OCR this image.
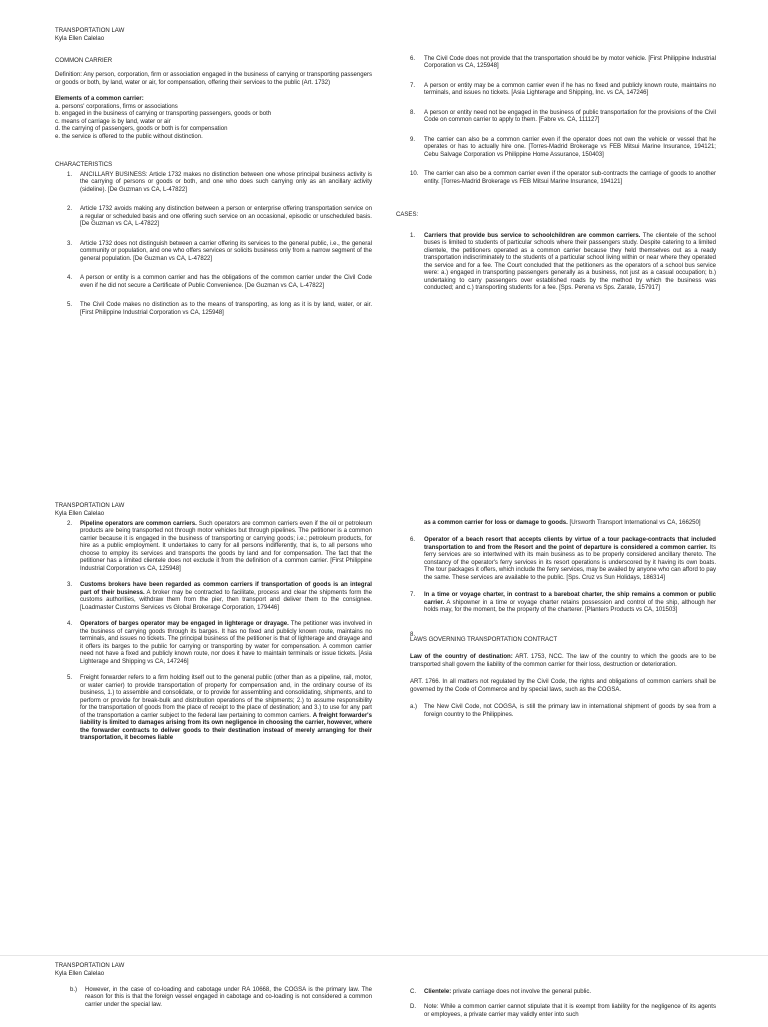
TRANSPORTATION LAW
Kyla Ellen Calelao

COMMON CARRIER

Definition: Any person, corporation, firm or association engaged in the business of carrying or transporting passengers or goods or both, by land, water or air, for compensation, offering their services to the public (Art. 1732)

Elements of a common carrier:

a. persons' corporations, firms or associations
b. engaged in the business of carrying or transporting passengers, goods or both
c. means of carriage is by land, water or air
d. the carrying of passengers, goods or both is for compensation
e. the service is offered to the public without distinction.

CHARACTERISTICS

1. ANCILLARY BUSINESS: Article 1732 makes no distinction between one whose principal business activity is the carrying of persons or goods or both, and one who does such carrying only as an ancillary activity (sideline). [De Guzman vs CA, L-47822]
2. Article 1732 avoids making any distinction between a person or enterprise offering transportation service on a regular or scheduled basis and one offering such service on an occasional, episodic or unscheduled basis. [De Guzman vs CA, L-47822]
3. Article 1732 does not distinguish between a carrier offering its services to the general public, i.e., the general community or population, and one who offers services or solicits business only from a narrow segment of the general population. [De Guzman vs CA, L-47822]
4. A person or entity is a common carrier and has the obligations of the common carrier under the Civil Code even if he did not secure a Certificate of Public Convenience. [De Guzman vs CA, L-47822]
5. The Civil Code makes no distinction as to the means of transporting, as long as it is by land, water, or air. [First Philippine Industrial Corporation vs CA, 125948]
6. The Civil Code does not provide that the transportation should be by motor vehicle. [First Philippine Industrial Corporation vs CA, 125948]
7. A person or entity may be a common carrier even if he has no fixed and publicly known route, maintains no terminals, and issues no tickets. [Asia Lighterage and Shipping, Inc. vs CA, 147246]
8. A person or entity need not be engaged in the business of public transportation for the provisions of the Civil Code on common carrier to apply to them. [Fabre vs. CA, 111127]
9. The carrier can also be a common carrier even if the operator does not own the vehicle or vessel that he operates or has to actually hire one. [Torres-Madrid Brokerage vs FEB Mitsui Marine Insurance, 194121; Cebu Salvage Corporation vs Philippine Home Assurance, 150403]
10. The carrier can also be a common carrier even if the operator sub-contracts the carriage of goods to another entity. [Torres-Madrid Brokerage vs FEB Mitsui Marine Insurance, 194121]

CASES:

1. Carriers that provide bus service to schoolchildren are common carriers. The clientele of the school buses is limited to students of particular schools where their passengers study. Despite catering to a limited clientele, the petitioners operated as a common carrier because they held themselves out as a ready transportation indiscriminately to the students of a particular school living within or near where they operated the service and for a fee. The Court concluded that the petitioners as the operators of a school bus service were: a.) engaged in transporting passengers generally as a business, not just as a casual occupation; b.) undertaking to carry passengers over established roads by the method by which the business was conducted; and c.) transporting students for a fee. [Sps. Perena vs Sps. Zarate, 157917]
TRANSPORTATION LAW
Kyla Ellen Calelao
2. Pipeline operators are common carriers. Such operators are common carriers even if the oil or petroleum products are being transported not through motor vehicles but through pipelines. The petitioner is a common carrier because it is engaged in the business of transporting or carrying goods; i.e.; petroleum products, for hire as a public employment. It undertakes to carry for all persons indifferently, that is, to all persons who choose to employ its services and transports the goods by land and for compensation. The fact that the petitioner has a limited clientele does not exclude it from the definition of a common carrier. [First Philippine Industrial Corporation vs CA, 125948]
3. Customs brokers have been regarded as common carriers if transportation of goods is an integral part of their business. A broker may be contracted to facilitate, process and clear the shipments form the customs authorities, withdraw them from the pier, then transport and deliver them to the consignee. [Loadmaster Customs Services vs Global Brokerage Corporation, 179446]
4. Operators of barges operator may be engaged in lighterage or drayage. The petitioner was involved in the business of carrying goods through its barges. It has no fixed and publicly known route, maintains no terminals, and issues no tickets. The principal business of the petitioner is that of lighterage and drayage and it offers its barges to the public for carrying or transporting by water for compensation. A common carrier need not have a fixed and publicly known route, nor does it have to maintain terminals or issue tickets. [Asia Lighterage and Shipping vs CA, 147246]
5. Freight forwarder refers to a firm holding itself out to the general public (other than as a pipeline, rail, motor, or water carrier) to provide transportation of property for compensation and, in the ordinary course of its business, 1.) to assemble and consolidate, or to provide for assembling and consolidating, shipments, and to perform or provide for break-bulk and distribution operations of the shipments; 2.) to assume responsibility for the transportation of goods from the place of receipt to the place of destination; and 3.) to use for any part of the transportation a carrier subject to the federal law pertaining to common carriers. A freight forwarder's liability is limited to damages arising from its own negligence in choosing the carrier, however, where the forwarder contracts to deliver goods to their destination instead of merely arranging for their transportation, it becomes liable

as a common carrier for loss or damage to goods. [Ursworth Transport International vs CA, 166250]

6. Operator of a beach resort that accepts clients by virtue of a tour package-contracts that included transportation to and from the Resort and the point of departure is considered a common carrier. Its ferry services are so intertwined with its main business as to be properly considered ancillary thereto. The constancy of the operator's ferry services in its resort operations is underscored by it having its own boats. The tour packages it offers, which include the ferry services, may be availed by anyone who can afford to pay the same. These services are available to the public. [Sps. Cruz vs Sun Holidays, 186314]
7. In a time or voyage charter, in contrast to a bareboat charter, the ship remains a common or public carrier. A shipowner in a time or voyage charter retains possession and control of the ship, although her holds may, for the moment, be the property of the charterer. [Planters Products vs CA, 101503]
8.

LAWS GOVERNING TRANSPORTATION CONTRACT

Law of the country of destination: ART. 1753, NCC. The law of the country to which the goods are to be transported shall govern the liability of the common carrier for their loss, destruction or deterioration.

ART. 1766. In all matters not regulated by the Civil Code, the rights and obligations of common carriers shall be governed by the Code of Commerce and by special laws, such as the COGSA.

a.) The New Civil Code, not COGSA, is still the primary law in international shipment of goods by sea from a foreign country to the Philippines.
TRANSPORTATION LAW
Kyla Ellen Calelao
b.) However, in the case of co-loading and cabotage under RA 10668, the COGSA is the primary law. The reason for this is that the foreign vessel engaged in cabotage and co-loading is not considered a common carrier under the special law.
C. Clientele: private carriage does not involve the general public.
D. Note: While a common carrier cannot stipulate that it is exempt from liability for the negligence of its agents or employees, a private carrier may validly enter into such
